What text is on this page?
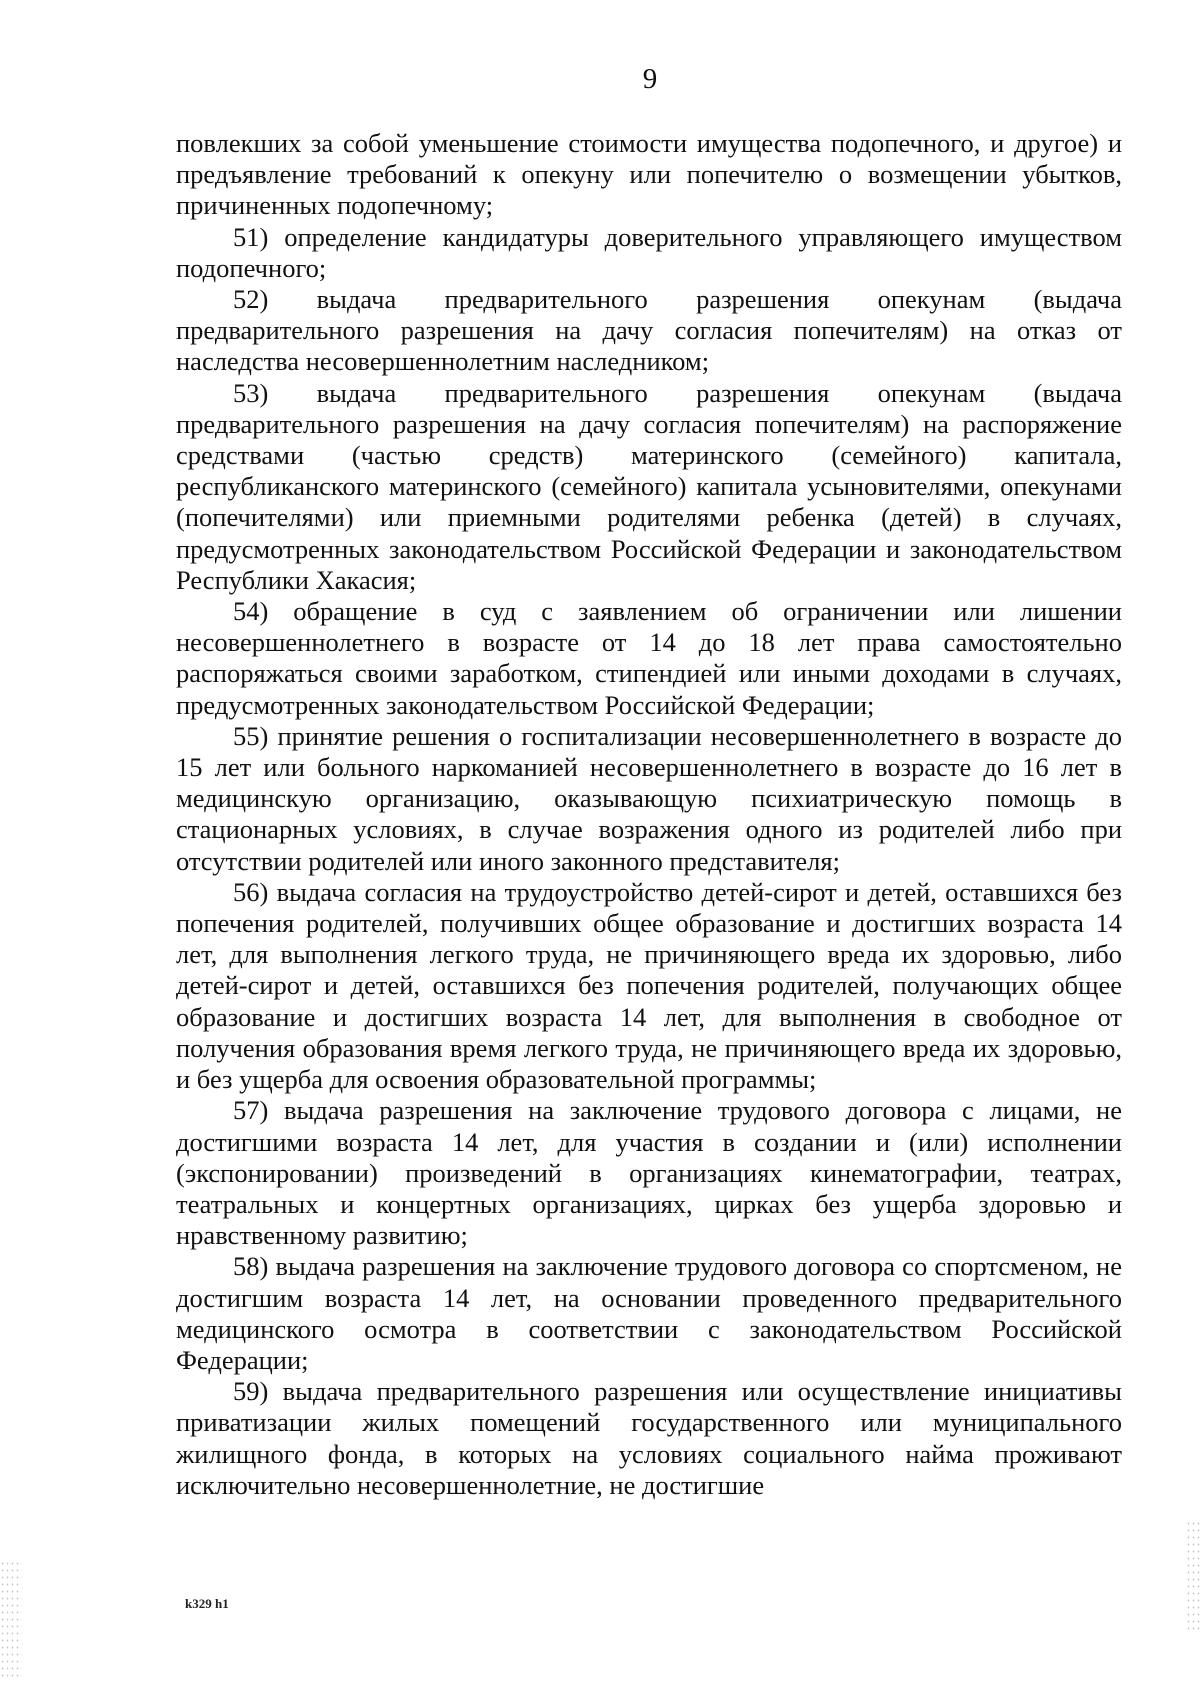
9

повлекших за собой уменьшение стоимости имущества подопечного, и другое) и предъявление требований к опекуну или попечителю о возмещении убытков, причиненных подопечному;

51) определение кандидатуры доверительного управляющего имуществом подопечного;

52) выдача предварительного разрешения опекунам (выдача предварительного разрешения на дачу согласия попечителям) на отказ от наследства несовершеннолетним наследником;

53) выдача предварительного разрешения опекунам (выдача предварительного разрешения на дачу согласия попечителям) на распоряжение средствами (частью средств) материнского (семейного) капитала, республиканского материнского (семейного) капитала усыновителями, опекунами (попечителями) или приемными родителями ребенка (детей) в случаях, предусмотренных законодательством Российской Федерации и законодательством Республики Хакасия;

54) обращение в суд с заявлением об ограничении или лишении несовершеннолетнего в возрасте от 14 до 18 лет права самостоятельно распоряжаться своими заработком, стипендией или иными доходами в случаях, предусмотренных законодательством Российской Федерации;

55) принятие решения о госпитализации несовершеннолетнего в возрасте до 15 лет или больного наркоманией несовершеннолетнего в возрасте до 16 лет в медицинскую организацию, оказывающую психиатрическую помощь в стационарных условиях, в случае возражения одного из родителей либо при отсутствии родителей или иного законного представителя;

56) выдача согласия на трудоустройство детей-сирот и детей, оставшихся без попечения родителей, получивших общее образование и достигших возраста 14 лет, для выполнения легкого труда, не причиняющего вреда их здоровью, либо детей-сирот и детей, оставшихся без попечения родителей, получающих общее образование и достигших возраста 14 лет, для выполнения в свободное от получения образования время легкого труда, не причиняющего вреда их здоровью, и без ущерба для освоения образовательной программы;

57) выдача разрешения на заключение трудового договора с лицами, не достигшими возраста 14 лет, для участия в создании и (или) исполнении (экспонировании) произведений в организациях кинематографии, театрах, театральных и концертных организациях, цирках без ущерба здоровью и нравственному развитию;

58) выдача разрешения на заключение трудового договора со спортсменом, не достигшим возраста 14 лет, на основании проведенного предварительного медицинского осмотра в соответствии с законодательством Российской Федерации;

59) выдача предварительного разрешения или осуществление инициативы приватизации жилых помещений государственного или муниципального жилищного фонда, в которых на условиях социального найма проживают исключительно несовершеннолетние, не достигшие

k329 h1
